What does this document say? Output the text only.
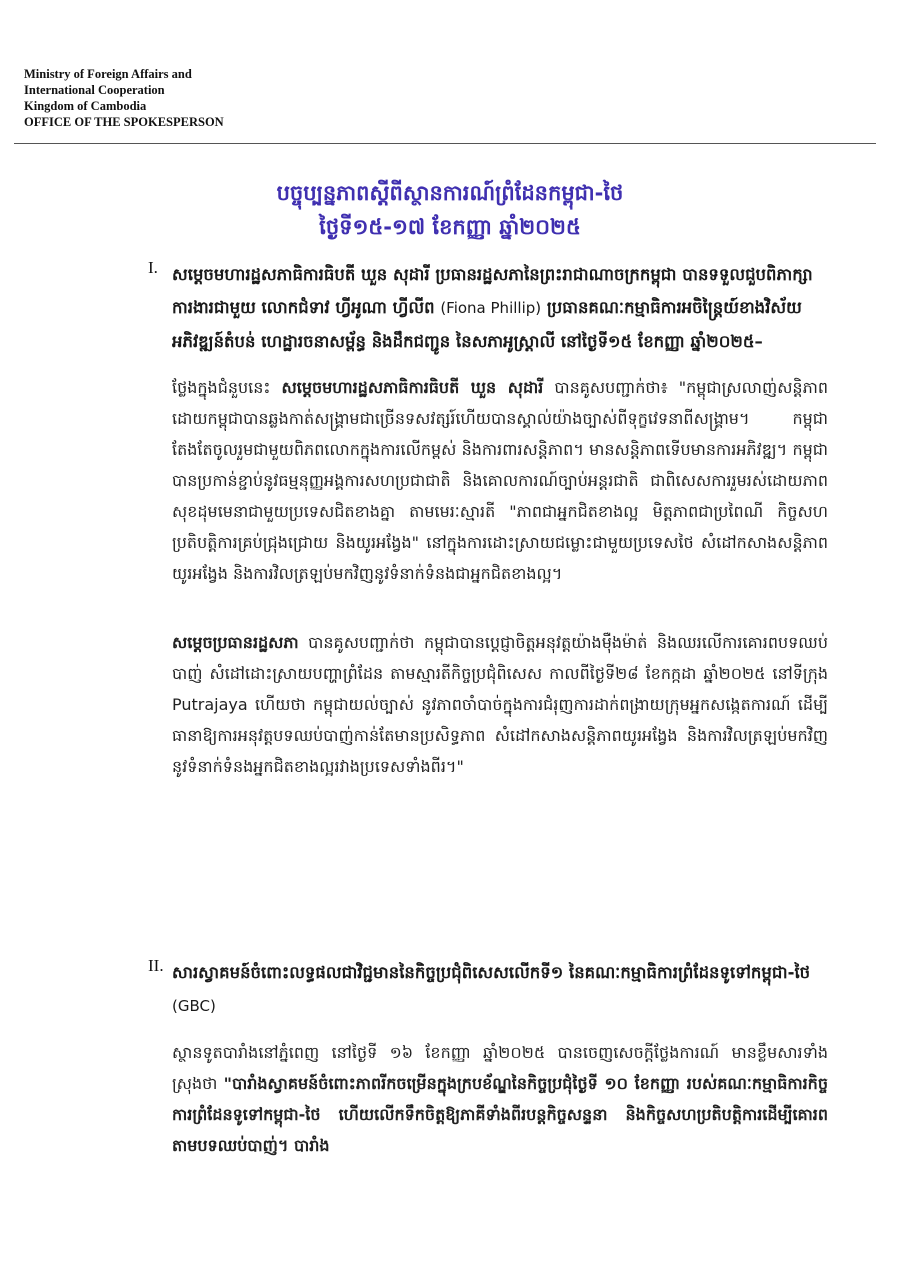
Ministry of Foreign Affairs and
International Cooperation
Kingdom of Cambodia
OFFICE OF THE SPOKESPERSON
បច្ចុប្បន្នភាពស្ដីពីស្ថានការណ៍ព្រំដែនកម្ពុជា-ថៃ
ថ្ងៃទី១៥-១៧ ខែកញ្ញា ឆ្នាំ២០២៥
I. សម្ដេចមហារដ្ឋសភាធិការធិបតី ឃួន សុដារី ប្រធានរដ្ឋសភានៃព្រះរាជាណាចក្រកម្ពុជា បានទទួលជួបពិភាក្សាការងារជាមួយ លោកជំទាវ ហ្វីអូណា ហ្វីលីព (Fiona Phillip) ប្រធានគណៈកម្មាធិការអចិន្ត្រៃយ៍ខាងវិស័យអភិវឌ្ឍន៍តំបន់ ហេដ្ឋារចនាសម្ព័ន្ធ និងដឹកជញ្ជូន នៃសភាអូស្ត្រាលី នៅថ្ងៃទី១៥ ខែកញ្ញា ឆ្នាំ២០២៥–
ថ្លែងក្នុងជំនួបនេះ សម្ដេចមហារដ្ឋសភាធិការធិបតី ឃួន សុដារី បានគូសបញ្ជាក់ថា៖ "កម្ពុជាស្រលាញ់សន្តិភាព ដោយកម្ពុជាបានឆ្លងកាត់សង្គ្រាមជាច្រើនទសវត្សរ៍ហើយបានស្គាល់យ៉ាងច្បាស់ពីទុក្ខវេទនាពីសង្គ្រាម។ កម្ពុជាតែងតែចូលរួមជាមួយពិភពលោកក្នុងការលើកម្ពស់ និងការពារសន្តិភាព។ មានសន្តិភាពទើបមានការអភិវឌ្ឍ។ កម្ពុជាបានប្រកាន់ខ្ជាប់នូវធម្មនុញ្ញអង្គការសហប្រជាជាតិ និងគោលការណ៍ច្បាប់អន្តរជាតិ ជាពិសេសការរួមរស់ដោយភាពសុខដុមមេនាជាមួយប្រទេសជិតខាងគ្នា តាមមេរៈស្មារតី "ភាពជាអ្នកជិតខាងល្អ មិត្តភាពជាប្រពៃណី កិច្ចសហប្រតិបត្តិការគ្រប់ជ្រុងជ្រោយ និងយូរអង្វែង" នៅក្នុងការដោះស្រាយជម្លោះជាមួយប្រទេសថៃ សំដៅកសាងសន្តិភាពយូរអង្វែង និងការវិលត្រឡប់មកវិញនូវទំនាក់ទំនងជាអ្នកជិតខាងល្អ។
សម្ដេចប្រធានរដ្ឋសភា បានគូសបញ្ជាក់ថា កម្ពុជាបានប្ដេជ្ញាចិត្តអនុវត្តយ៉ាងម៉ឺងម៉ាត់ និងឈរលើការគោរពបទឈប់បាញ់ សំដៅដោះស្រាយបញ្ហាព្រំដែន តាមស្មារតីកិច្ចប្រជុំពិសេស កាលពីថ្ងៃទី២៨ ខែកក្កដា ឆ្នាំ២០២៥ នៅទីក្រុង Putrajaya ហើយថា កម្ពុជាយល់ច្បាស់ នូវភាពចាំបាច់ក្នុងការជំរុញការដាក់ពង្រាយក្រុមអ្នកសង្កេតការណ៍ ដើម្បីធានាឱ្យការអនុវត្តបទឈប់បាញ់កាន់តែមានប្រសិទ្ធភាព សំដៅកសាងសន្តិភាពយូរអង្វែង និងការវិលត្រឡប់មកវិញនូវទំនាក់ទំនងអ្នកជិតខាងល្អរវាងប្រទេសទាំងពីរ។"
II. សារស្វាគមន៍ចំពោះលទ្ធផលជាវិជ្ជមាននៃកិច្ចប្រជុំពិសេសលើកទី១ នៃគណៈកម្មាធិការព្រំដែនទូទៅកម្ពុជា-ថៃ (GBC)
ស្ថានទូតបារាំងនៅភ្នំពេញ នៅថ្ងៃទី ១៦ ខែកញ្ញា ឆ្នាំ២០២៥ បានចេញសេចក្ដីថ្លែងការណ៍ មានខ្លឹមសារទាំងស្រុងថា "បារាំងស្វាគមន៍ចំពោះភាពរីកចម្រើនក្នុងក្របខ័ណ្ឌនៃកិច្ចប្រជុំថ្ងៃទី ១០ ខែកញ្ញា របស់គណៈកម្មាធិការកិច្ចការព្រំដែនទូទៅកម្ពុជា-ថៃ ហើយលើកទឹកចិត្តឱ្យភាគីទាំងពីរបន្តកិច្ចសន្ទនា និងកិច្ចសហប្រតិបត្តិការដើម្បីគោរពតាមបទឈប់បាញ់។ បារាំង
